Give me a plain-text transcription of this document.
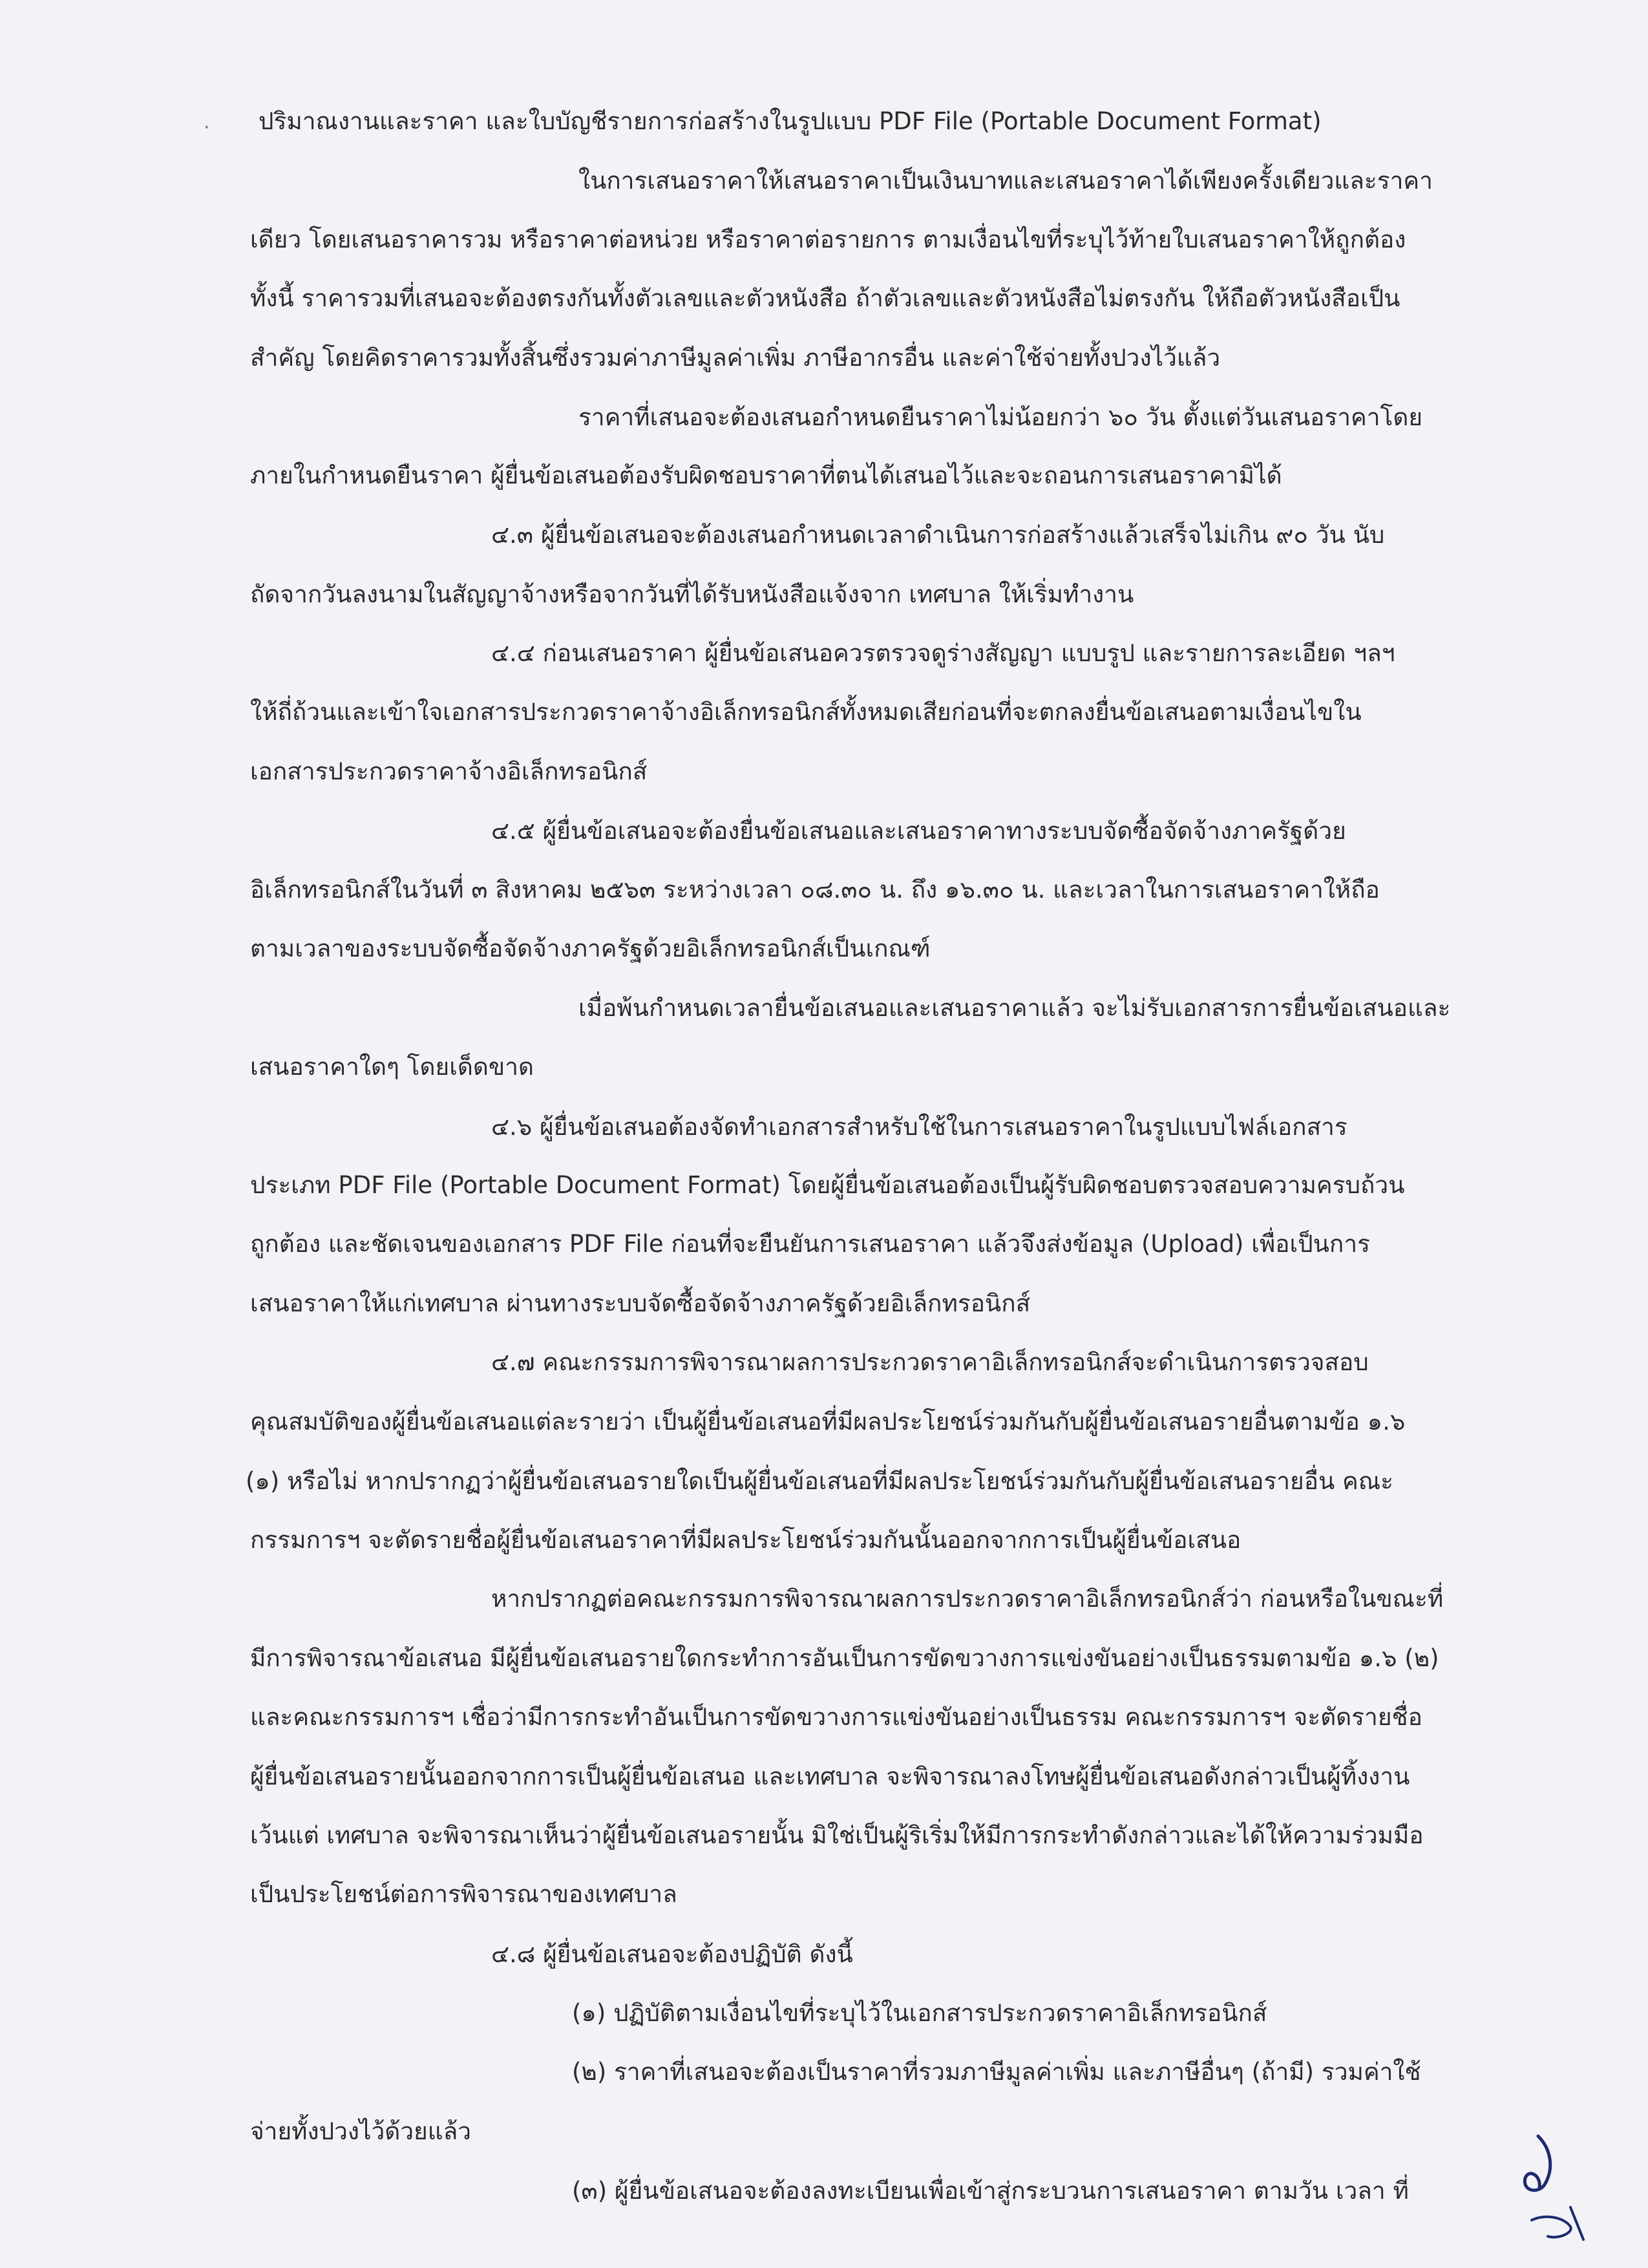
· ปริมาณงานและราคา และใบบัญชีรายการก่อสร้างในรูปแบบ PDF File (Portable Document Format)
ในการเสนอราคาให้เสนอราคาเป็นเงินบาทและเสนอราคาได้เพียงครั้งเดียวและราคา
เดียว โดยเสนอราคารวม หรือราคาต่อหน่วย หรือราคาต่อรายการ ตามเงื่อนไขที่ระบุไว้ท้ายใบเสนอราคาให้ถูกต้อง
ทั้งนี้ ราคารวมที่เสนอจะต้องตรงกันทั้งตัวเลขและตัวหนังสือ ถ้าตัวเลขและตัวหนังสือไม่ตรงกัน ให้ถือตัวหนังสือเป็น
สำคัญ โดยคิดราคารวมทั้งสิ้นซึ่งรวมค่าภาษีมูลค่าเพิ่ม ภาษีอากรอื่น และค่าใช้จ่ายทั้งปวงไว้แล้ว
ราคาที่เสนอจะต้องเสนอกำหนดยืนราคาไม่น้อยกว่า ๖๐ วัน ตั้งแต่วันเสนอราคาโดย
ภายในกำหนดยืนราคา ผู้ยื่นข้อเสนอต้องรับผิดชอบราคาที่ตนได้เสนอไว้และจะถอนการเสนอราคามิได้
๔.๓ ผู้ยื่นข้อเสนอจะต้องเสนอกำหนดเวลาดำเนินการก่อสร้างแล้วเสร็จไม่เกิน ๙๐ วัน นับ
ถัดจากวันลงนามในสัญญาจ้างหรือจากวันที่ได้รับหนังสือแจ้งจาก เทศบาล ให้เริ่มทำงาน
๔.๔ ก่อนเสนอราคา ผู้ยื่นข้อเสนอควรตรวจดูร่างสัญญา แบบรูป และรายการละเอียด ฯลฯ
ให้ถี่ถ้วนและเข้าใจเอกสารประกวดราคาจ้างอิเล็กทรอนิกส์ทั้งหมดเสียก่อนที่จะตกลงยื่นข้อเสนอตามเงื่อนไขใน
เอกสารประกวดราคาจ้างอิเล็กทรอนิกส์
๔.๕ ผู้ยื่นข้อเสนอจะต้องยื่นข้อเสนอและเสนอราคาทางระบบจัดซื้อจัดจ้างภาครัฐด้วย
อิเล็กทรอนิกส์ในวันที่ ๓ สิงหาคม ๒๕๖๓ ระหว่างเวลา ๐๘.๓๐ น. ถึง ๑๖.๓๐ น. และเวลาในการเสนอราคาให้ถือ
ตามเวลาของระบบจัดซื้อจัดจ้างภาครัฐด้วยอิเล็กทรอนิกส์เป็นเกณฑ์
เมื่อพ้นกำหนดเวลายื่นข้อเสนอและเสนอราคาแล้ว จะไม่รับเอกสารการยื่นข้อเสนอและ
เสนอราคาใดๆ โดยเด็ดขาด
๔.๖ ผู้ยื่นข้อเสนอต้องจัดทำเอกสารสำหรับใช้ในการเสนอราคาในรูปแบบไฟล์เอกสาร
ประเภท PDF File (Portable Document Format) โดยผู้ยื่นข้อเสนอต้องเป็นผู้รับผิดชอบตรวจสอบความครบถ้วน
ถูกต้อง และชัดเจนของเอกสาร PDF File ก่อนที่จะยืนยันการเสนอราคา แล้วจึงส่งข้อมูล (Upload) เพื่อเป็นการ
เสนอราคาให้แก่เทศบาล ผ่านทางระบบจัดซื้อจัดจ้างภาครัฐด้วยอิเล็กทรอนิกส์
๔.๗ คณะกรรมการพิจารณาผลการประกวดราคาอิเล็กทรอนิกส์จะดำเนินการตรวจสอบ
คุณสมบัติของผู้ยื่นข้อเสนอแต่ละรายว่า เป็นผู้ยื่นข้อเสนอที่มีผลประโยชน์ร่วมกันกับผู้ยื่นข้อเสนอรายอื่นตามข้อ ๑.๖
(๑) หรือไม่ หากปรากฏว่าผู้ยื่นข้อเสนอรายใดเป็นผู้ยื่นข้อเสนอที่มีผลประโยชน์ร่วมกันกับผู้ยื่นข้อเสนอรายอื่น คณะ
กรรมการฯ จะตัดรายชื่อผู้ยื่นข้อเสนอราคาที่มีผลประโยชน์ร่วมกันนั้นออกจากการเป็นผู้ยื่นข้อเสนอ
หากปรากฏต่อคณะกรรมการพิจารณาผลการประกวดราคาอิเล็กทรอนิกส์ว่า ก่อนหรือในขณะที่
มีการพิจารณาข้อเสนอ มีผู้ยื่นข้อเสนอรายใดกระทำการอันเป็นการขัดขวางการแข่งขันอย่างเป็นธรรมตามข้อ ๑.๖ (๒)
และคณะกรรมการฯ เชื่อว่ามีการกระทำอันเป็นการขัดขวางการแข่งขันอย่างเป็นธรรม คณะกรรมการฯ จะตัดรายชื่อ
ผู้ยื่นข้อเสนอรายนั้นออกจากการเป็นผู้ยื่นข้อเสนอ และเทศบาล จะพิจารณาลงโทษผู้ยื่นข้อเสนอดังกล่าวเป็นผู้ทิ้งงาน
เว้นแต่ เทศบาล จะพิจารณาเห็นว่าผู้ยื่นข้อเสนอรายนั้น มิใช่เป็นผู้ริเริ่มให้มีการกระทำดังกล่าวและได้ให้ความร่วมมือ
เป็นประโยชน์ต่อการพิจารณาของเทศบาล
๔.๘ ผู้ยื่นข้อเสนอจะต้องปฏิบัติ ดังนี้
(๑) ปฏิบัติตามเงื่อนไขที่ระบุไว้ในเอกสารประกวดราคาอิเล็กทรอนิกส์
(๒) ราคาที่เสนอจะต้องเป็นราคาที่รวมภาษีมูลค่าเพิ่ม และภาษีอื่นๆ (ถ้ามี) รวมค่าใช้
จ่ายทั้งปวงไว้ด้วยแล้ว
(๓) ผู้ยื่นข้อเสนอจะต้องลงทะเบียนเพื่อเข้าสู่กระบวนการเสนอราคา ตามวัน เวลา ที่
